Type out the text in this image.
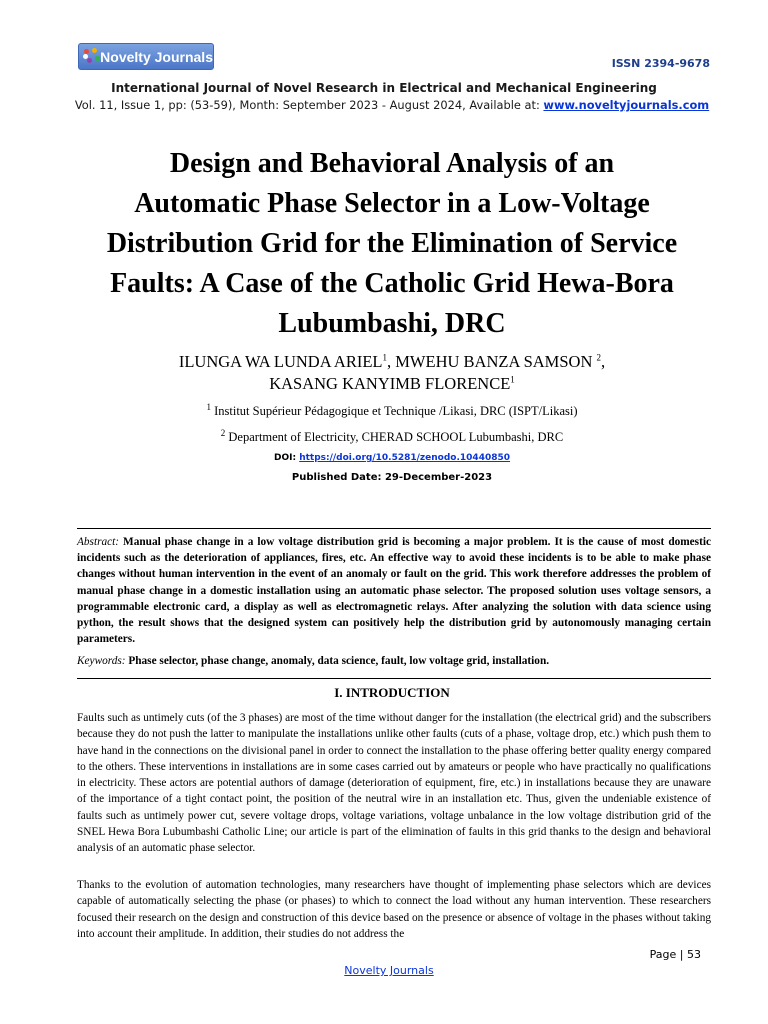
Novelty Journals	ISSN 2394-9678
International Journal of Novel Research in Electrical and Mechanical Engineering
Vol. 11, Issue 1, pp: (53-59), Month: September 2023 - August 2024, Available at: www.noveltyjournals.com
Design and Behavioral Analysis of an
Automatic Phase Selector in a Low-Voltage
Distribution Grid for the Elimination of Service
Faults: A Case of the Catholic Grid Hewa-Bora
Lubumbashi, DRC
ILUNGA WA LUNDA ARIEL$^1$, MWEHU BANZA SAMSON $^2$,
KASANG KANYIMB FLORENCE$^1$
$^1$ Institut Supérieur Pédagogique et Technique /Likasi, DRC (ISPT/Likasi)
$^2$ Department of Electricity, CHERAD SCHOOL Lubumbashi, DRC
DOI: https://doi.org/10.5281/zenodo.10440850
Published Date: 29-December-2023
Abstract: Manual phase change in a low voltage distribution grid is becoming a major problem. It is the cause of most domestic incidents such as the deterioration of appliances, fires, etc. An effective way to avoid these incidents is to be able to make phase changes without human intervention in the event of an anomaly or fault on the grid. This work therefore addresses the problem of manual phase change in a domestic installation using an automatic phase selector. The proposed solution uses voltage sensors, a programmable electronic card, a display as well as electromagnetic relays. After analyzing the solution with data science using python, the result shows that the designed system can positively help the distribution grid by autonomously managing certain parameters.
Keywords: Phase selector, phase change, anomaly, data science, fault, low voltage grid, installation.
I. INTRODUCTION
Faults such as untimely cuts (of the 3 phases) are most of the time without danger for the installation (the electrical grid) and the subscribers because they do not push the latter to manipulate the installations unlike other faults (cuts of a phase, voltage drop, etc.) which push them to have hand in the connections on the divisional panel in order to connect the installation to the phase offering better quality energy compared to the others. These interventions in installations are in some cases carried out by amateurs or people who have practically no qualifications in electricity. These actors are potential authors of damage (deterioration of equipment, fire, etc.) in installations because they are unaware of the importance of a tight contact point, the position of the neutral wire in an installation etc. Thus, given the undeniable existence of faults such as untimely power cut, severe voltage drops, voltage variations, voltage unbalance in the low voltage distribution grid of the SNEL Hewa Bora Lubumbashi Catholic Line; our article is part of the elimination of faults in this grid thanks to the design and behavioral analysis of an automatic phase selector.
Thanks to the evolution of automation technologies, many researchers have thought of implementing phase selectors which are devices capable of automatically selecting the phase (or phases) to which to connect the load without any human intervention. These researchers focused their research on the design and construction of this device based on the presence or absence of voltage in the phases without taking into account their amplitude. In addition, their studies do not address the
Page | 53
Novelty Journals
